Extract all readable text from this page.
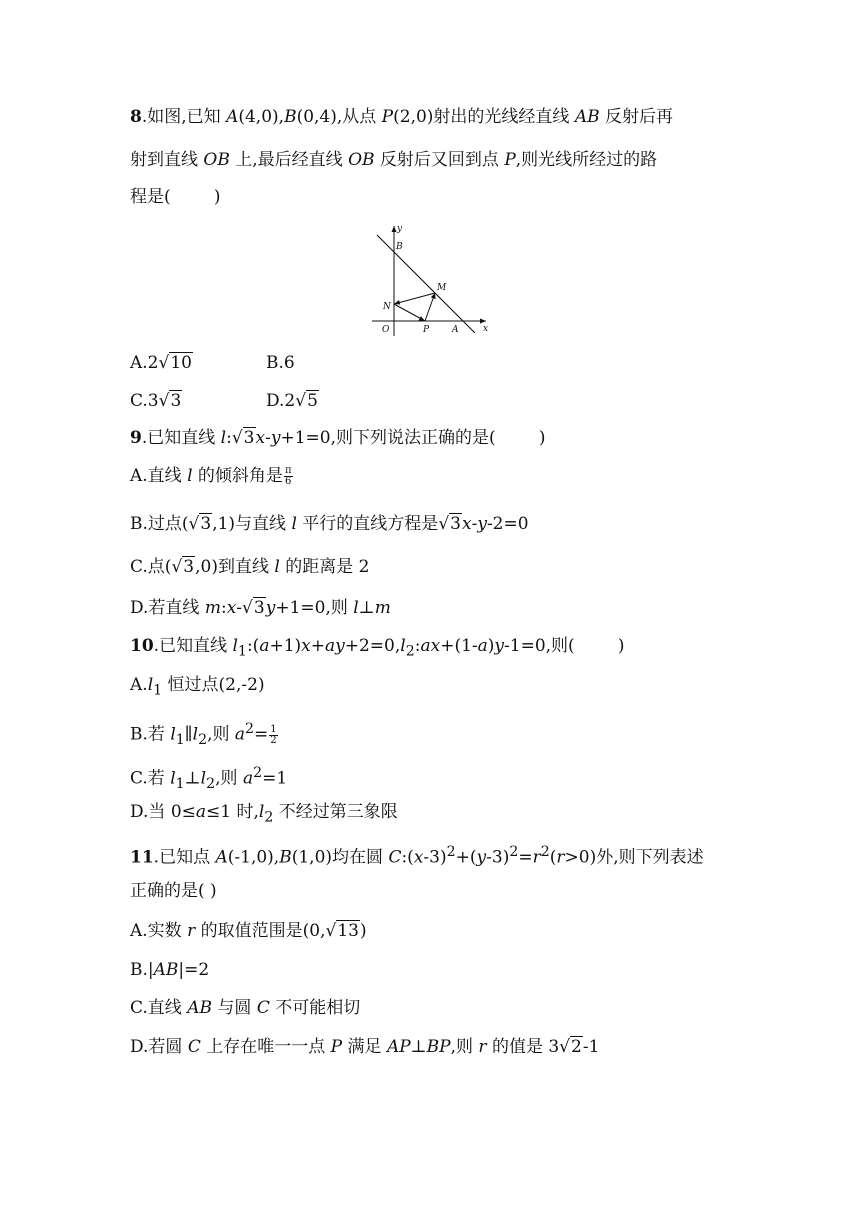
8.如图,已知 A(4,0),B(0,4),从点 P(2,0)射出的光线经直线 AB 反射后再
射到直线 OB 上,最后经直线 OB 反射后又回到点 P,则光线所经过的路
程是(        )
y
x
B
M
N
O	P	A
A.2√10	B.6
C.3√3	D.2√5
9.已知直线 l:√3x-y+1=0,则下列说法正确的是(        )
A.直线 l 的倾斜角是 $\frac{\pi}{6}$
B.过点(√3,1)与直线 l 平行的直线方程是√3x-y-2=0
C.点(√3,0)到直线 l 的距离是 2
D.若直线 m:x-√3y+1=0,则 l⊥m
10.已知直线 $l_1:(a+1)x+ay+2=0,l_2:ax+(1-a)y-1=0$,则(        )
$A.l_1$ 恒过点(2,-2)
B.若 $l_1\parallel l_2$,则 $a^2= \frac{1}{2}$
C.若 $l_1\perp l_2$,则 $a^2=1$
D.当 0≤a≤1 时$,l_2$ 不经过第三象限
11.已知点 A(-1,0),B(1,0)均在圆 $C:(x-3)^2+(y-3)^2=r^2(r>0)$外,则下列表述
正确的是( )
A.实数 r 的取值范围是(0,√13)
B.|AB|=2
C.直线 AB 与圆 C 不可能相切
D.若圆 C 上存在唯一一点 P 满足 AP⊥BP,则 r 的值是 3√2-1
